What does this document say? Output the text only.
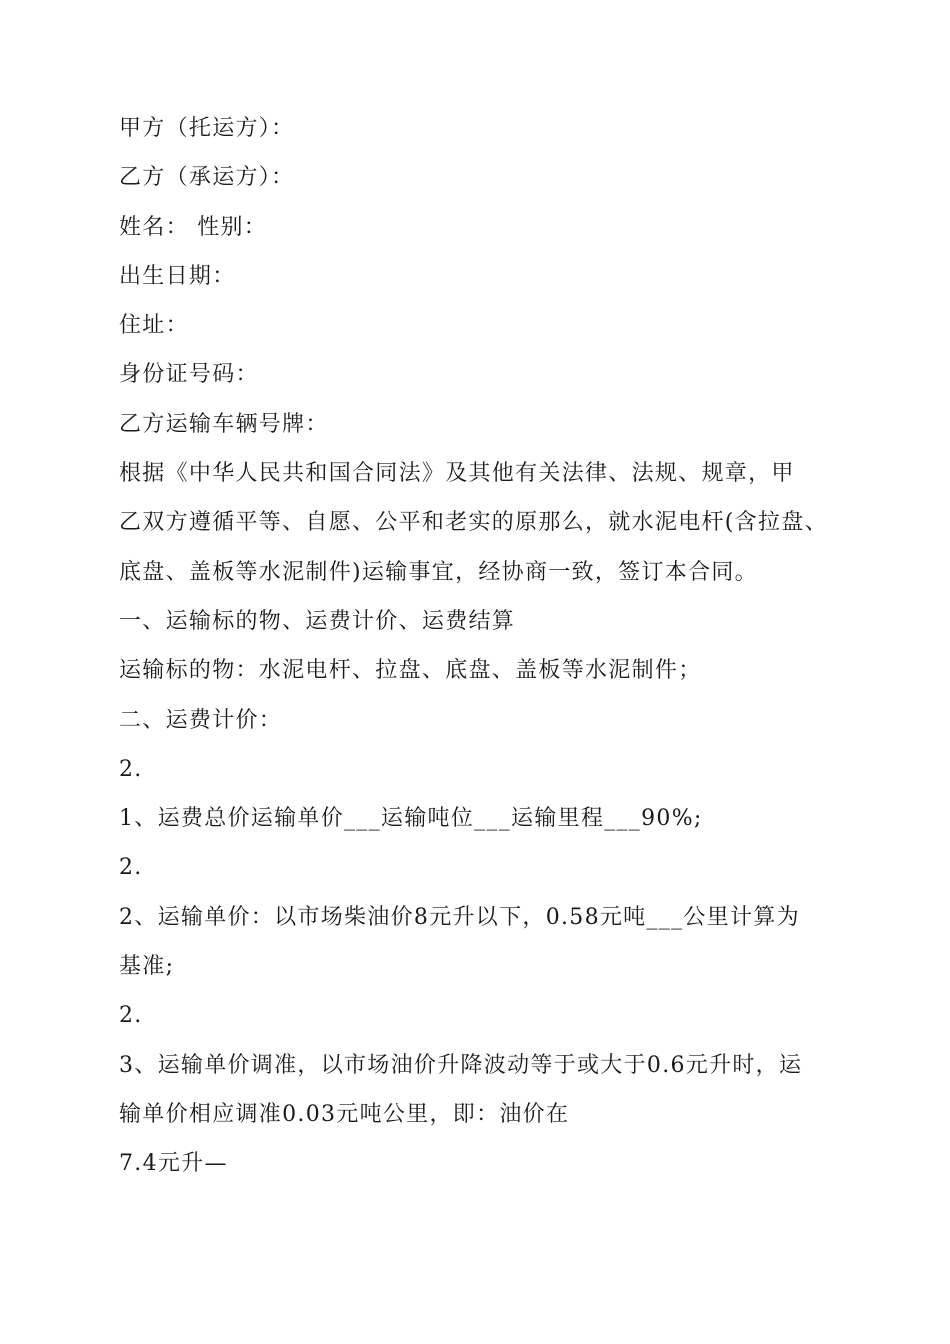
甲方（托运方）：

乙方（承运方）：

姓名： 性别：

出生日期：

住址：

身份证号码：

乙方运输车辆号牌：

根据《中华人民共和国合同法》及其他有关法律、法规、规章，甲

乙双方遵循平等、自愿、公平和老实的原那么，就水泥电杆(含拉盘、

底盘、盖板等水泥制件)运输事宜，经协商一致，签订本合同。

一、运输标的物、运费计价、运费结算

运输标的物：水泥电杆、拉盘、底盘、盖板等水泥制件；

二、运费计价：

2.

1、运费总价运输单价___运输吨位___运输里程___90%;

2.

2、运输单价：以市场柴油价8元升以下，0.58元吨___公里计算为

基准;

2.

3、运输单价调准，以市场油价升降波动等于或大于0.6元升时，运

输单价相应调准0.03元吨公里，即：油价在

7.4元升—
